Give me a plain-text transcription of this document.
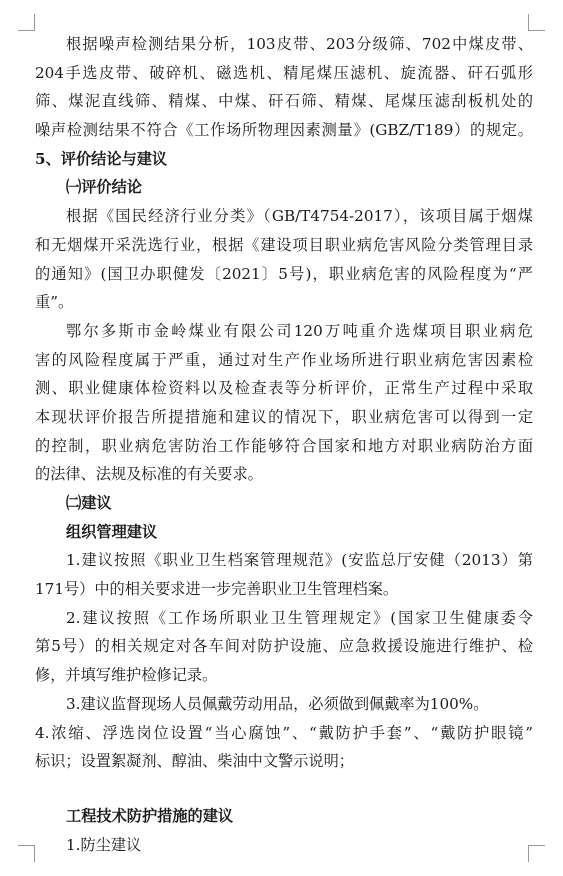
根据噪声检测结果分析，103皮带、203分级筛、702中煤皮带、
204手选皮带、破碎机、磁选机、精尾煤压滤机、旋流器、矸石弧形
筛、煤泥直线筛、精煤、中煤、矸石筛、精煤、尾煤压滤刮板机处的
噪声检测结果不符合《工作场所物理因素测量》(GBZ/T189）的规定。
5、评价结论与建议
㈠评价结论
根据《国民经济行业分类》（GB/T4754-2017），该项目属于烟煤
和无烟煤开采洗选行业，根据《建设项目职业病危害风险分类管理目录
的通知》(国卫办职健发〔2021〕5号)，职业病危害的风险程度为“严
重”。
鄂尔多斯市金岭煤业有限公司120万吨重介选煤项目职业病危
害的风险程度属于严重，通过对生产作业场所进行职业病危害因素检
测、职业健康体检资料以及检查表等分析评价，正常生产过程中采取
本现状评价报告所提措施和建议的情况下，职业病危害可以得到一定
的控制，职业病危害防治工作能够符合国家和地方对职业病防治方面
的法律、法规及标准的有关要求。
㈡建议
组织管理建议
1.建议按照《职业卫生档案管理规范》(安监总厅安健（2013）第
171号）中的相关要求进一步完善职业卫生管理档案。
2.建议按照《工作场所职业卫生管理规定》(国家卫生健康委令
第5号）的相关规定对各车间对防护设施、应急救援设施进行维护、检
修，并填写维护检修记录。
3.建议监督现场人员佩戴劳动用品，必须做到佩戴率为100%。
4.浓缩、浮选岗位设置“当心腐蚀”、“戴防护手套”、“戴防护眼镜”
标识；设置絮凝剂、醇油、柴油中文警示说明；
工程技术防护措施的建议
1.防尘建议
